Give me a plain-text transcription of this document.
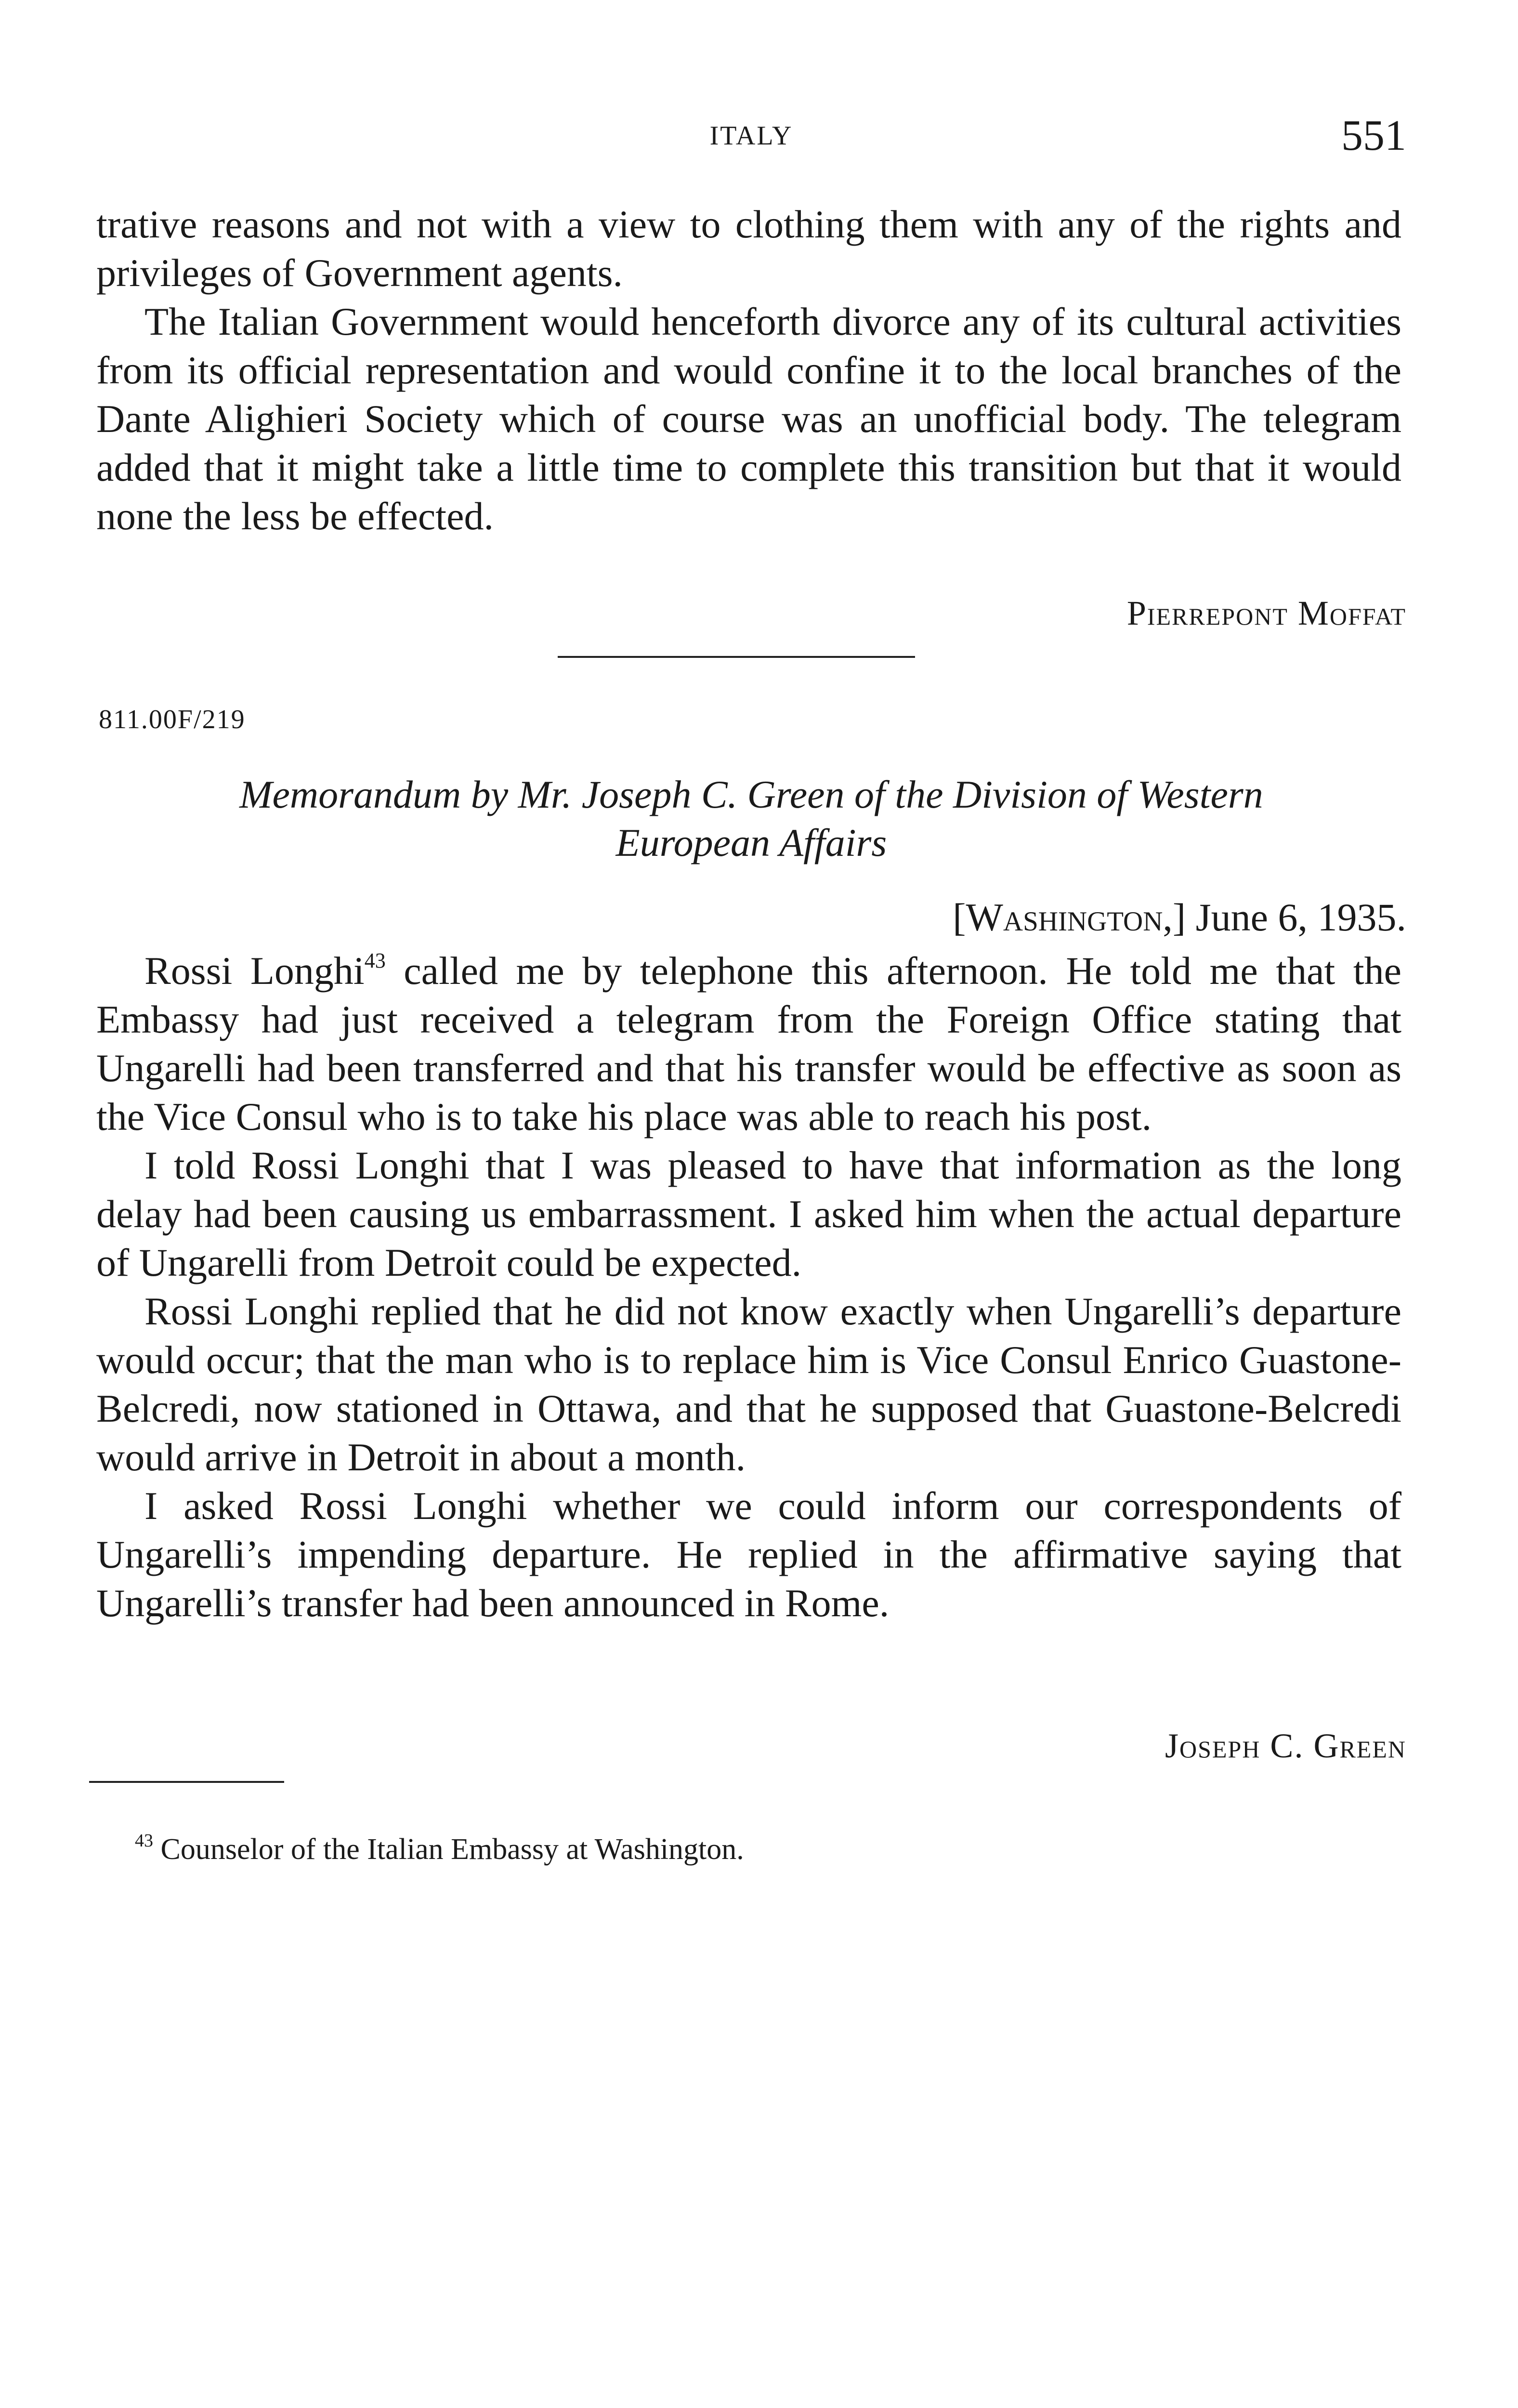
ITALY	551

trative reasons and not with a view to clothing them with any of the rights and privileges of Government agents.

The Italian Government would henceforth divorce any of its cultural activities from its official representation and would confine it to the local branches of the Dante Alighieri Society which of course was an unofficial body. The telegram added that it might take a little time to complete this transition but that it would none the less be effected.

Pierrepont Moffat
811.00F/219
Memorandum by Mr. Joseph C. Green of the Division of Western
European Affairs
[Washington,] June 6, 1935.

Rossi Longhi$^{43}$ called me by telephone this afternoon. He told me that the Embassy had just received a telegram from the Foreign Office stating that Ungarelli had been transferred and that his transfer would be effective as soon as the Vice Consul who is to take his place was able to reach his post.

I told Rossi Longhi that I was pleased to have that information as the long delay had been causing us embarrassment. I asked him when the actual departure of Ungarelli from Detroit could be expected.

Rossi Longhi replied that he did not know exactly when Ungarelli’s departure would occur; that the man who is to replace him is Vice Consul Enrico Guastone-Belcredi, now stationed in Ottawa, and that he supposed that Guastone-Belcredi would arrive in Detroit in about a month.

I asked Rossi Longhi whether we could inform our correspondents of Ungarelli’s impending departure. He replied in the affirmative saying that Ungarelli’s transfer had been announced in Rome.

Joseph C. Green
$^{43}$ Counselor of the Italian Embassy at Washington.
